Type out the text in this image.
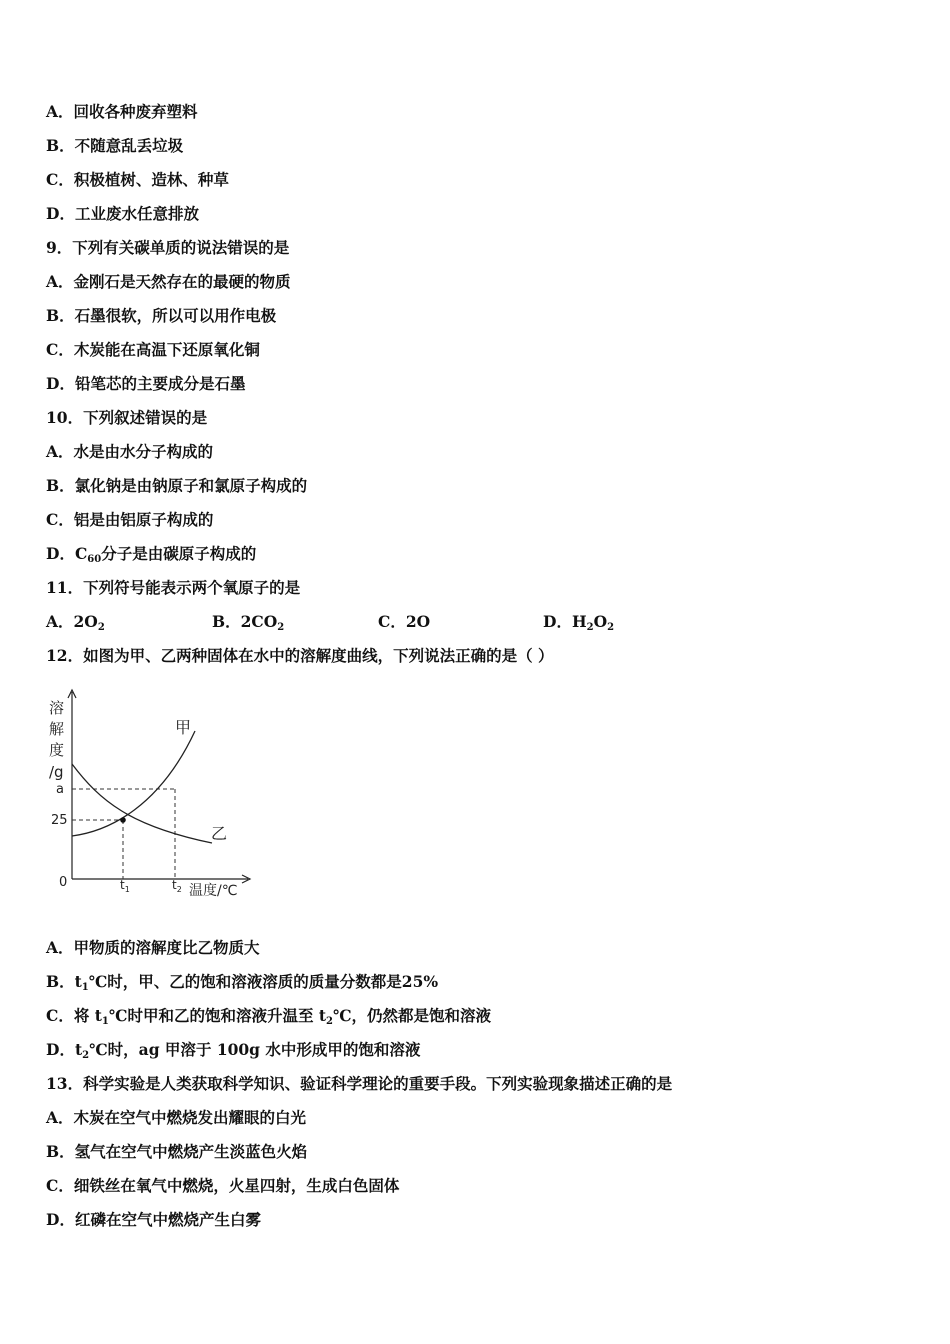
A．回收各种废弃塑料
B．不随意乱丢垃圾
C．积极植树、造林、种草
D．工业废水任意排放
9．下列有关碳单质的说法错误的是
A．金刚石是天然存在的最硬的物质
B．石墨很软，所以可以用作电极
C．木炭能在高温下还原氧化铜
D．铅笔芯的主要成分是石墨
10．下列叙述错误的是
A．水是由水分子构成的
B．氯化钠是由钠原子和氯原子构成的
C．铝是由铝原子构成的
D．$C_{60}$分子是由碳原子构成的
11．下列符号能表示两个氧原子的是
A．$2O_2$	B．$2CO_2$	C．2O	D．$H_2O_2$
12．如图为甲、乙两种固体在水中的溶解度曲线，下列说法正确的是（ ）
溶
解
度
/g
甲
乙
a
25
0	$t_1$	$t_2$ 温度/℃
A．甲物质的溶解度比乙物质大
B．$t_1℃$时，甲、乙的饱和溶液溶质的质量分数都是25%
C．将 $t_1℃$时甲和乙的饱和溶液升温至 $t_2℃$，仍然都是饱和溶液
D．$t_2℃$时，ag 甲溶于 100g 水中形成甲的饱和溶液
13．科学实验是人类获取科学知识、验证科学理论的重要手段。下列实验现象描述正确的是
A．木炭在空气中燃烧发出耀眼的白光
B．氢气在空气中燃烧产生淡蓝色火焰
C．细铁丝在氧气中燃烧，火星四射，生成白色固体
D．红磷在空气中燃烧产生白雾
